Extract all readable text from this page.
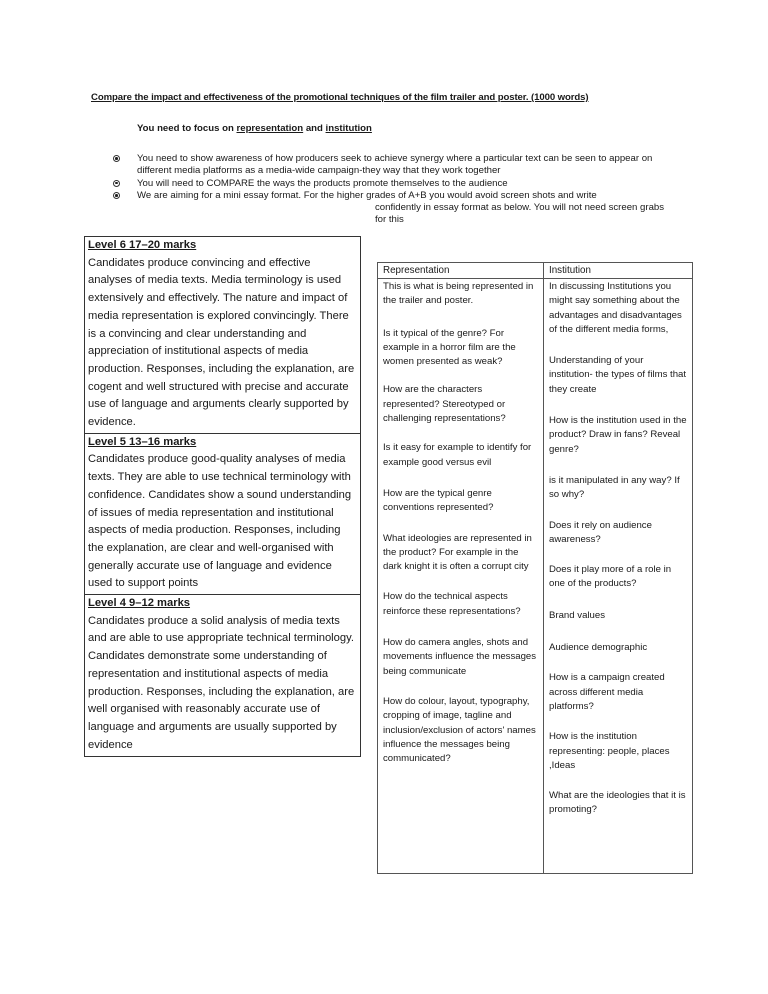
Compare the impact and effectiveness of the promotional techniques of the film trailer and poster. (1000 words)
You need to focus on representation and institution
You need to show awareness of how producers seek to achieve synergy where a particular text can be seen to appear on different media platforms as a media-wide campaign-they way that they work together
You will need to COMPARE the ways the products promote themselves to the audience
We are aiming for a mini essay format. For the higher grades of A+B you would avoid screen shots and write
confidently in essay format as below. You will not need screen grabs for this
Level 6 17–20 marks
Candidates produce convincing and effective analyses of media texts. Media terminology is used extensively and effectively. The nature and impact of media representation is explored convincingly. There is a convincing and clear understanding and appreciation of institutional aspects of media production. Responses, including the explanation, are cogent and well structured with precise and accurate use of language and arguments clearly supported by evidence.
Level 5 13–16 marks
Candidates produce good-quality analyses of media texts. They are able to use technical terminology with confidence. Candidates show a sound understanding of issues of media representation and institutional aspects of media production. Responses, including the explanation, are clear and well-organised with generally accurate use of language and evidence used to support points
Level 4 9–12 marks
Candidates produce a solid analysis of media texts and are able to use appropriate technical terminology. Candidates demonstrate some understanding of representation and institutional aspects of media production. Responses, including the explanation, are well organised with reasonably accurate use of language and arguments are usually supported by evidence
Representation
This is what is being represented in the trailer and poster.
Is it typical of the genre? For example in a horror film are the women presented as weak?
How are the characters represented? Stereotyped or challenging representations?
Is it easy for example to identify for example good versus evil
How are the typical genre conventions represented?
What ideologies are represented in the product? For example in the dark knight it is often a corrupt city
How do the technical aspects reinforce these representations?
How do camera angles, shots and movements influence the messages being communicate
How do colour, layout, typography, cropping of image, tagline and inclusion/exclusion of actors' names influence the messages being communicated?
Institution
In discussing Institutions you might say something about the advantages and disadvantages of the different media forms,
Understanding of your institution- the types of films that they create
How is the institution used in the product? Draw in fans? Reveal genre?
is it manipulated in any way? If so why?
Does it rely on audience awareness?
Does it play more of a role in one of the products?
Brand values
Audience demographic
How is a campaign created across different media platforms?
How is the institution representing: people, places ,Ideas
What are the ideologies that it is promoting?
